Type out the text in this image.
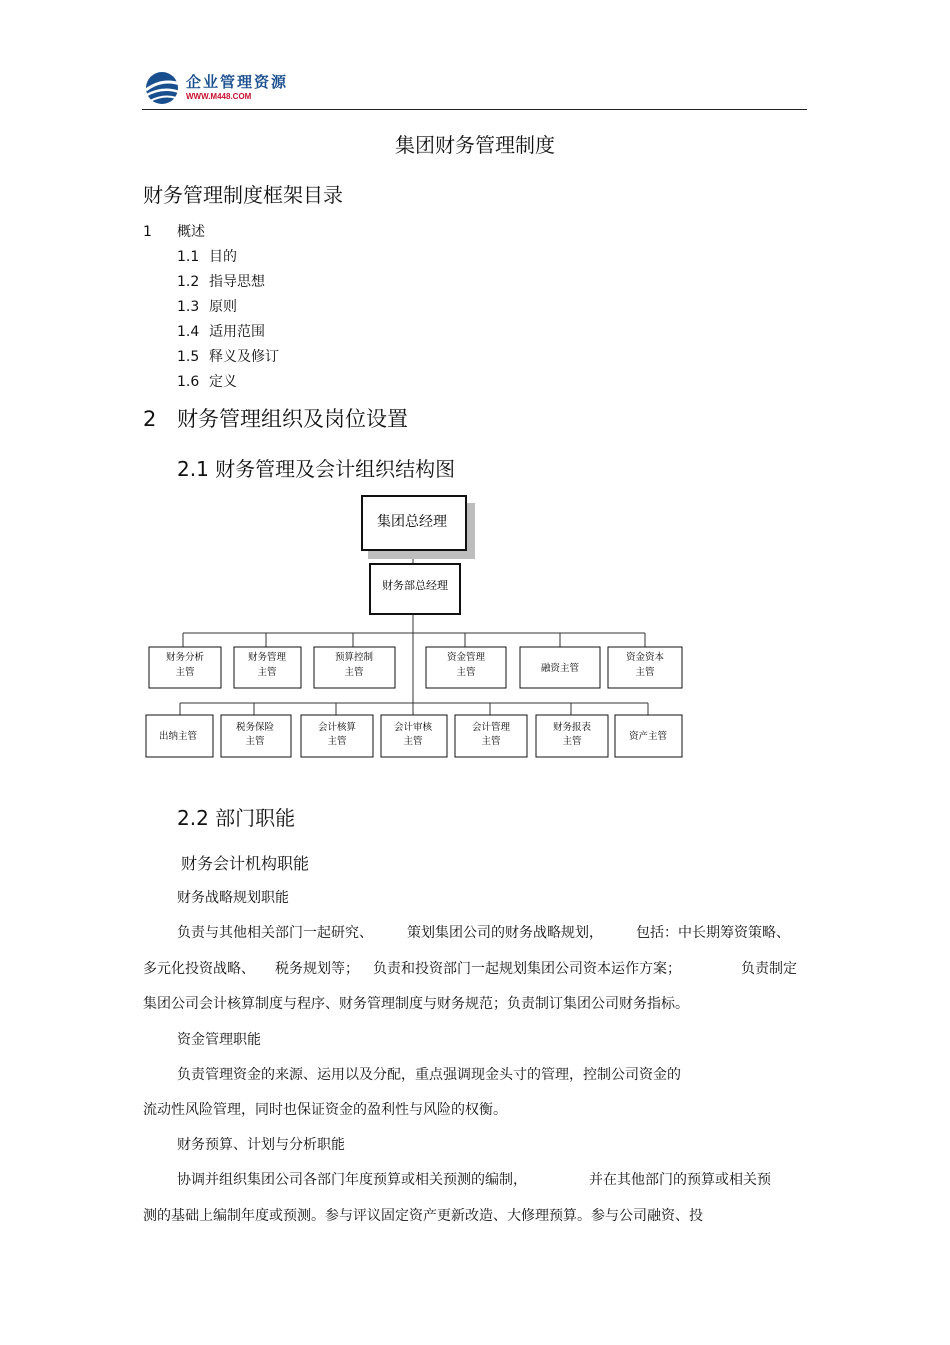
企业管理资源
WWW.M448.COM
集团财务管理制度
财务管理制度框架目录
1 概述
1.1 目的
1.2 指导思想
1.3 原则
1.4 适用范围
1.5 释义及修订
1.6 定义
2 财务管理组织及岗位设置
2.1 财务管理及会计组织结构图
集团总经理
财务部总经理
财务分析
主管
财务管理
主管
预算控制
主管
资金管理
主管	融资主管
资金资本
主管
出纳主管
税务保险
主管
会计核算
主管
会计审核
主管
会计管理
主管
财务报表
主管	资产主管
2.2 部门职能
财务会计机构职能
财务战略规划职能
负责与其他相关部门一起研究、 策划集团公司的财务战略规划， 包括：中长期筹资策略、
多元化投资战略、 税务规划等； 负责和投资部门一起规划集团公司资本运作方案；	负责制定
集团公司会计核算制度与程序、财务管理制度与财务规范；负责制订集团公司财务指标。
资金管理职能
负责管理资金的来源、运用以及分配，重点强调现金头寸的管理，控制公司资金的
流动性风险管理，同时也保证资金的盈利性与风险的权衡。
财务预算、计划与分析职能
协调并组织集团公司各部门年度预算或相关预测的编制，	并在其他部门的预算或相关预
测的基础上编制年度或预测。参与评议固定资产更新改造、大修理预算。参与公司融资、投
